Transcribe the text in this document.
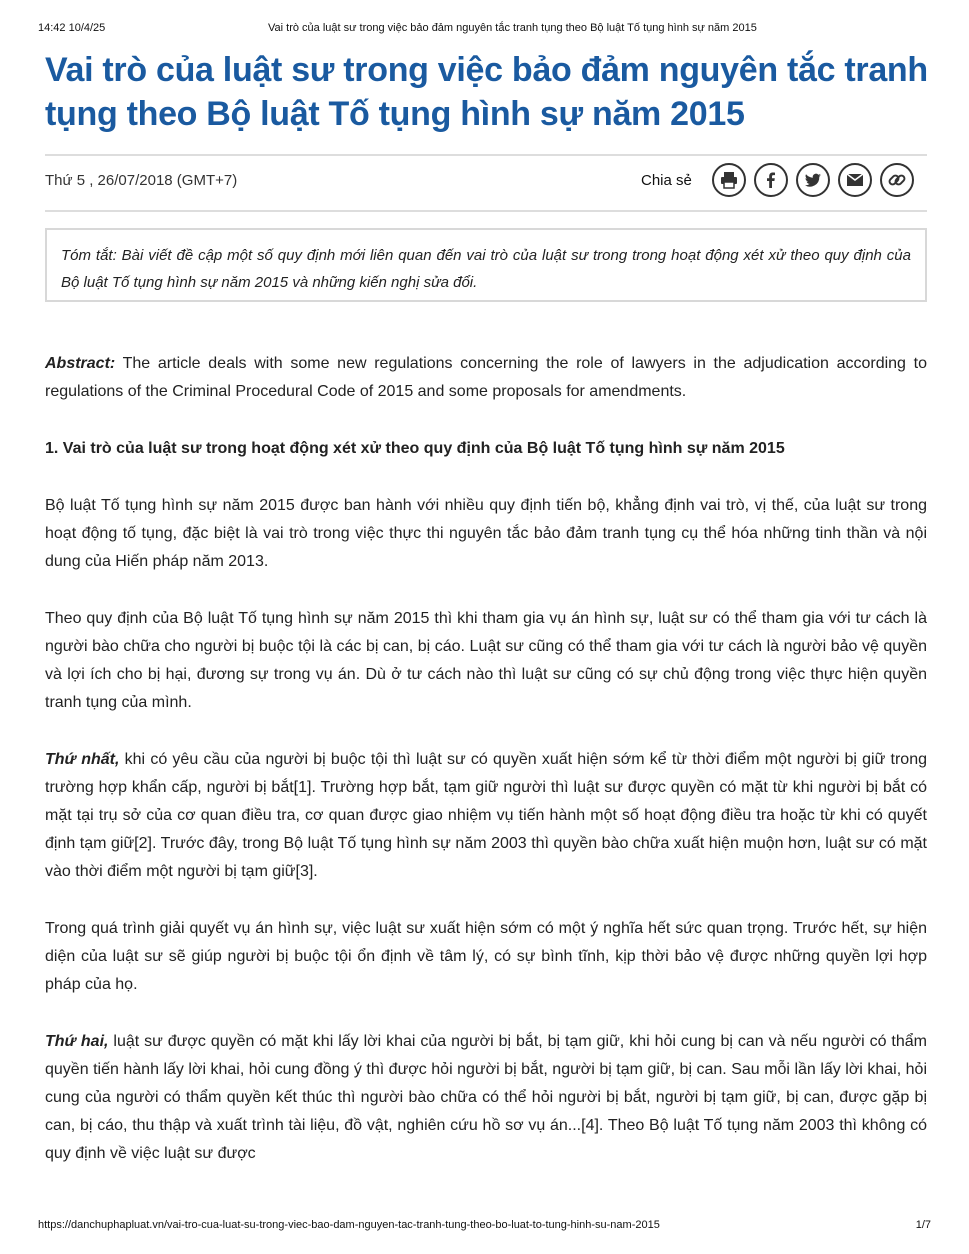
14:42 10/4/25	Vai trò của luật sư trong việc bảo đảm nguyên tắc tranh tụng theo Bộ luật Tố tụng hình sự năm 2015
Vai trò của luật sư trong việc bảo đảm nguyên tắc tranh tụng theo Bộ luật Tố tụng hình sự năm 2015
Thứ 5 , 26/07/2018 (GMT+7)	Chia sẻ
Tóm tắt: Bài viết đề cập một số quy định mới liên quan đến vai trò của luật sư trong trong hoạt động xét xử theo quy định của Bộ luật Tố tụng hình sự năm 2015 và những kiến nghị sửa đổi.

Abstract: The article deals with some new regulations concerning the role of lawyers in the adjudication according to regulations of the Criminal Procedural Code of 2015 and some proposals for amendments.

1. Vai trò của luật sư trong hoạt động xét xử theo quy định của Bộ luật Tố tụng hình sự năm 2015

Bộ luật Tố tụng hình sự năm 2015 được ban hành với nhiều quy định tiến bộ, khẳng định vai trò, vị thế, của luật sư trong hoạt động tố tụng, đặc biệt là vai trò trong việc thực thi nguyên tắc bảo đảm tranh tụng cụ thể hóa những tinh thần và nội dung của Hiến pháp năm 2013.

Theo quy định của Bộ luật Tố tụng hình sự năm 2015 thì khi tham gia vụ án hình sự, luật sư có thể tham gia với tư cách là người bào chữa cho người bị buộc tội là các bị can, bị cáo. Luật sư cũng có thể tham gia với tư cách là người bảo vệ quyền và lợi ích cho bị hại, đương sự trong vụ án. Dù ở tư cách nào thì luật sư cũng có sự chủ động trong việc thực hiện quyền tranh tụng của mình.

Thứ nhất, khi có yêu cầu của người bị buộc tội thì luật sư có quyền xuất hiện sớm kể từ thời điểm một người bị giữ trong trường hợp khẩn cấp, người bị bắt[1]. Trường hợp bắt, tạm giữ người thì luật sư được quyền có mặt từ khi người bị bắt có mặt tại trụ sở của cơ quan điều tra, cơ quan được giao nhiệm vụ tiến hành một số hoạt động điều tra hoặc từ khi có quyết định tạm giữ[2]. Trước đây, trong Bộ luật Tố tụng hình sự năm 2003 thì quyền bào chữa xuất hiện muộn hơn, luật sư có mặt vào thời điểm một người bị tạm giữ[3].

Trong quá trình giải quyết vụ án hình sự, việc luật sư xuất hiện sớm có một ý nghĩa hết sức quan trọng. Trước hết, sự hiện diện của luật sư sẽ giúp người bị buộc tội ổn định về tâm lý, có sự bình tĩnh, kịp thời bảo vệ được những quyền lợi hợp pháp của họ.

Thứ hai, luật sư được quyền có mặt khi lấy lời khai của người bị bắt, bị tạm giữ, khi hỏi cung bị can và nếu người có thẩm quyền tiến hành lấy lời khai, hỏi cung đồng ý thì được hỏi người bị bắt, người bị tạm giữ, bị can. Sau mỗi lần lấy lời khai, hỏi cung của người có thẩm quyền kết thúc thì người bào chữa có thể hỏi người bị bắt, người bị tạm giữ, bị can, được gặp bị can, bị cáo, thu thập và xuất trình tài liệu, đồ vật, nghiên cứu hồ sơ vụ án...[4]. Theo Bộ luật Tố tụng năm 2003 thì không có quy định về việc luật sư được

https://danchuphapluat.vn/vai-tro-cua-luat-su-trong-viec-bao-dam-nguyen-tac-tranh-tung-theo-bo-luat-to-tung-hinh-su-nam-2015	1/7
